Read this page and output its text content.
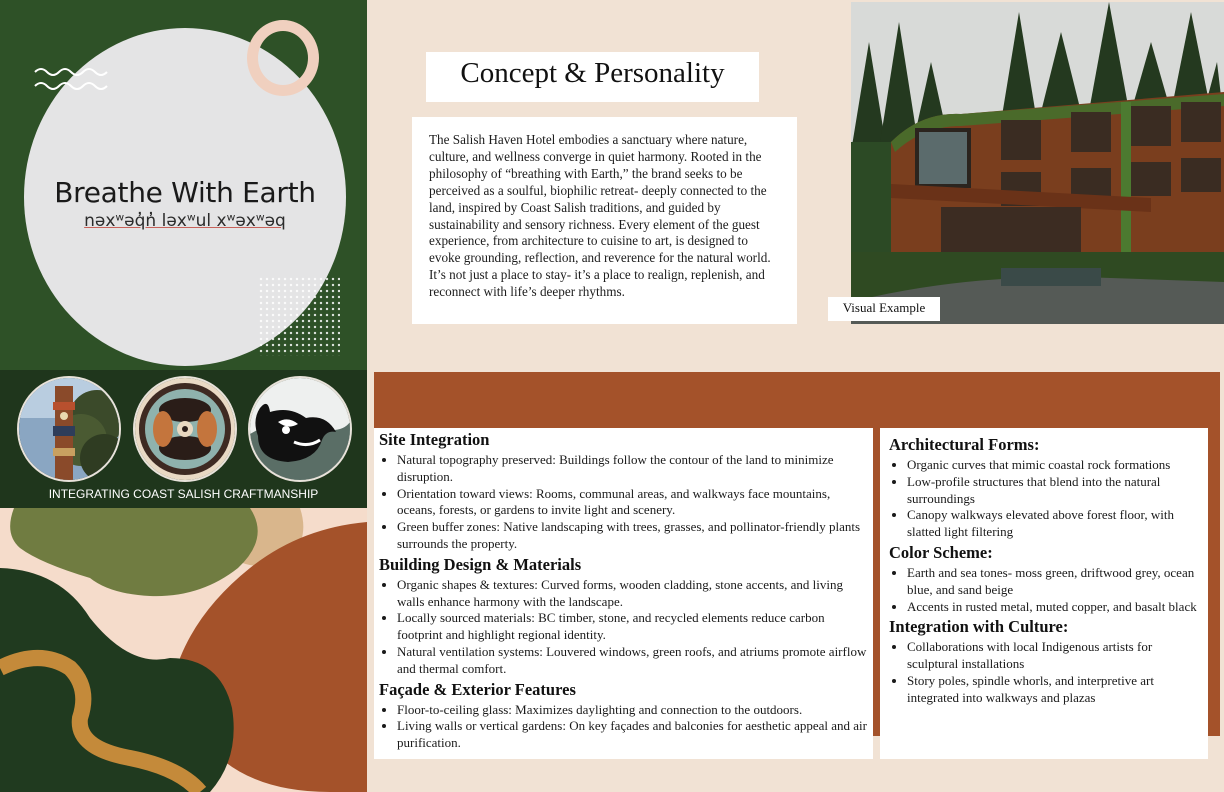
Breathe With Earth
nəxʷəq̓n̓ ləxʷul xʷəxʷəq
INTEGRATING COAST SALISH CRAFTMANSHIP
Concept & Personality

The Salish Haven Hotel embodies a sanctuary where nature, culture, and wellness converge in quiet harmony. Rooted in the philosophy of “breathing with Earth,” the brand seeks to be perceived as a soulful, biophilic retreat- deeply connected to the land, inspired by Coast Salish traditions, and guided by sustainability and sensory richness. Every element of the guest experience, from architecture to cuisine to art, is designed to evoke grounding, reflection, and reverence for the natural world. It’s not just a place to stay- it’s a place to realign, replenish, and reconnect with life’s deeper rhythms.

Visual Example
Site Integration
• Natural topography preserved: Buildings follow the contour of the land to minimize disruption.
• Orientation toward views: Rooms, communal areas, and walkways face mountains, oceans, forests, or gardens to invite light and scenery.
• Green buffer zones: Native landscaping with trees, grasses, and pollinator-friendly plants surrounds the property.
Building Design & Materials
• Organic shapes & textures: Curved forms, wooden cladding, stone accents, and living walls enhance harmony with the landscape.
• Locally sourced materials: BC timber, stone, and recycled elements reduce carbon footprint and highlight regional identity.
• Natural ventilation systems: Louvered windows, green roofs, and atriums promote airflow and thermal comfort.
Façade & Exterior Features
• Floor-to-ceiling glass: Maximizes daylighting and connection to the outdoors.
• Living walls or vertical gardens: On key façades and balconies for aesthetic appeal and air purification.
Architectural Forms:
• Organic curves that mimic coastal rock formations
• Low-profile structures that blend into the natural surroundings
• Canopy walkways elevated above forest floor, with slatted light filtering
Color Scheme:
• Earth and sea tones- moss green, driftwood grey, ocean blue, and sand beige
• Accents in rusted metal, muted copper, and basalt black
Integration with Culture:
• Collaborations with local Indigenous artists for sculptural installations
• Story poles, spindle whorls, and interpretive art integrated into walkways and plazas
